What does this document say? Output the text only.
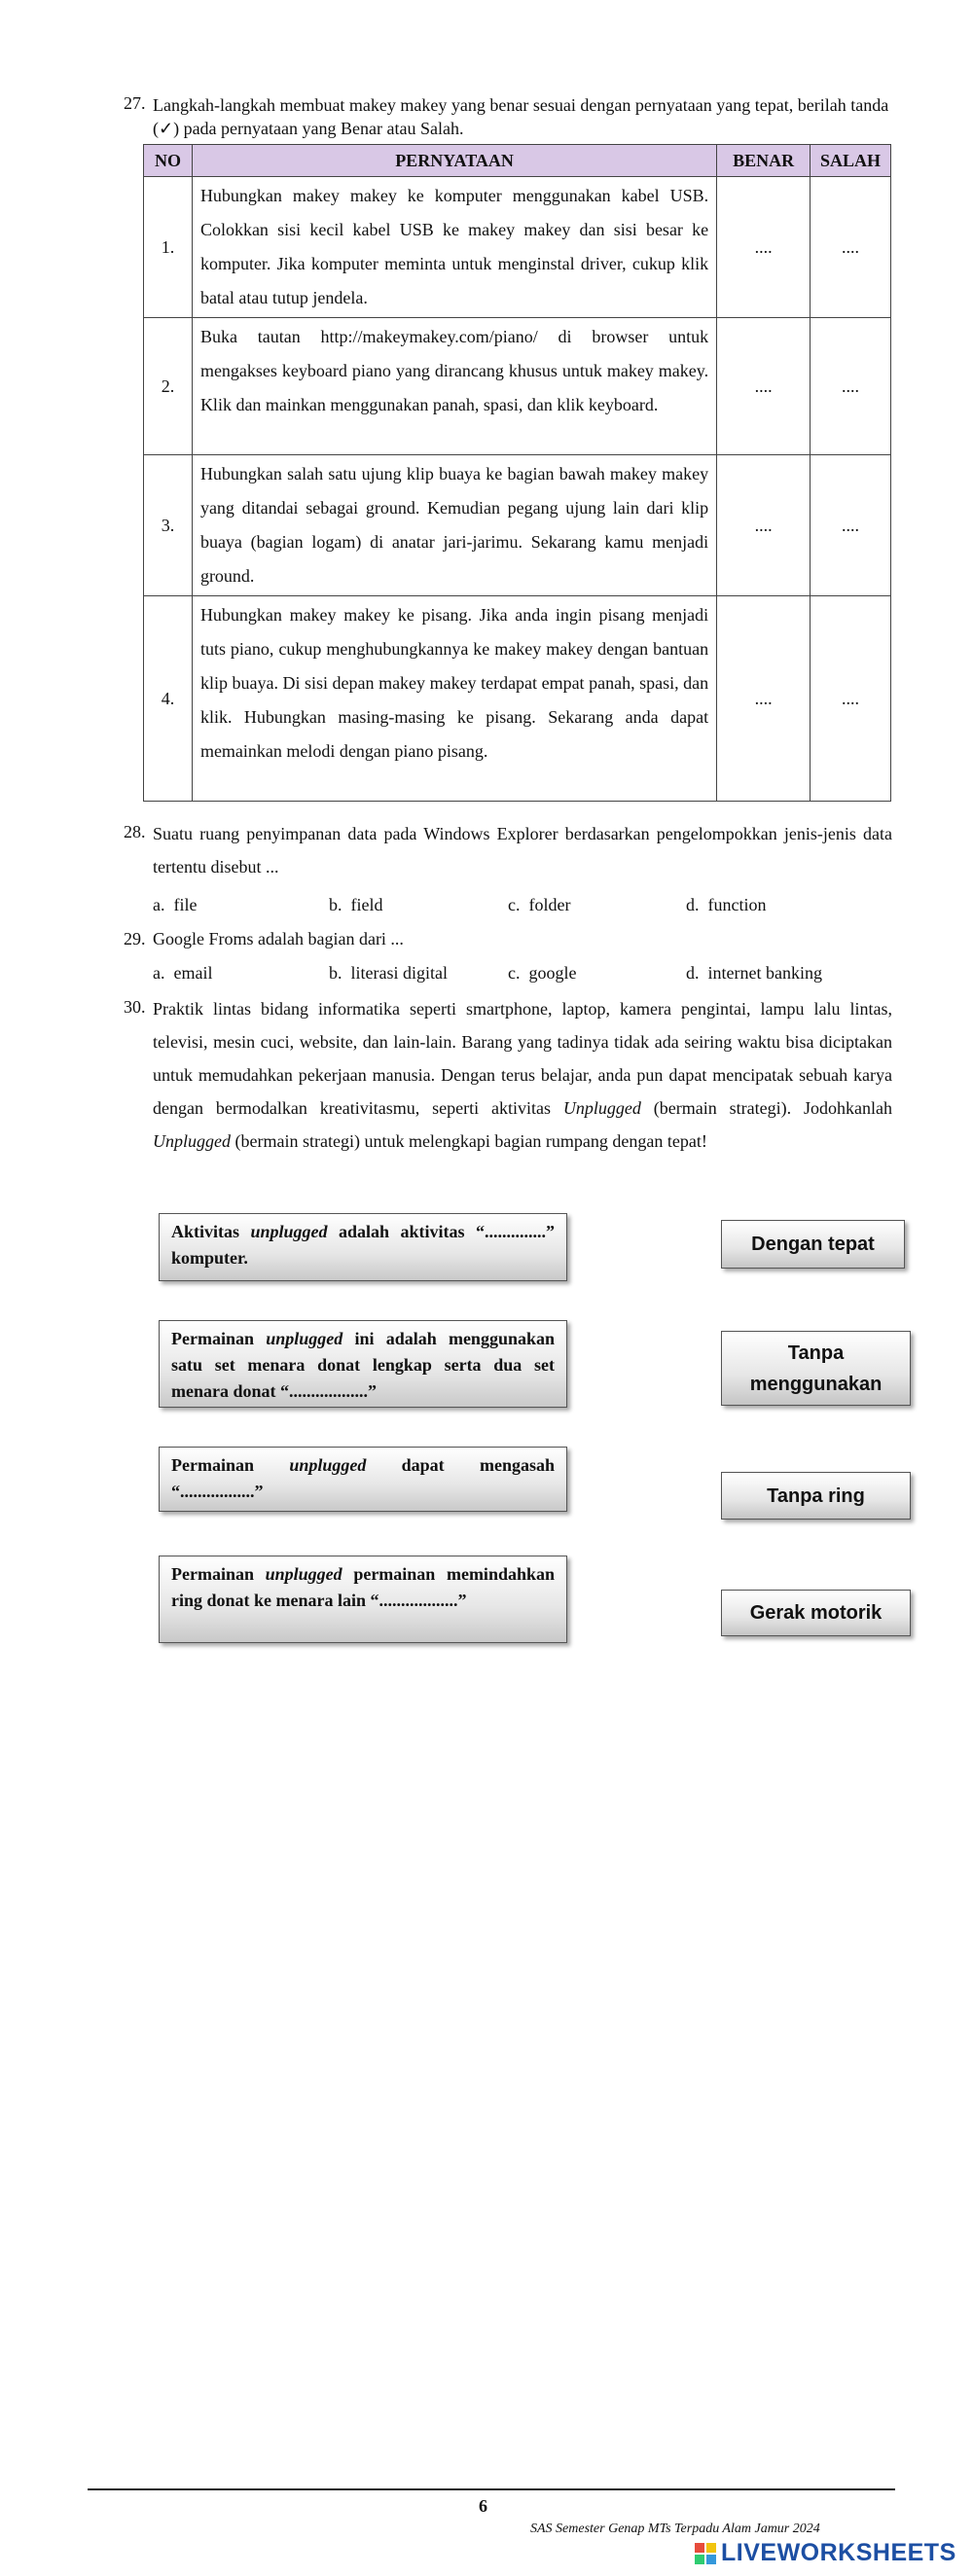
27. Langkah-langkah membuat makey makey yang benar sesuai dengan pernyataan yang tepat, berilah tanda (✓) pada pernyataan yang Benar atau Salah.
NO	PERNYATAAN	BENAR	SALAH
1.	Hubungkan makey makey ke komputer menggunakan kabel USB. Colokkan sisi kecil kabel USB ke makey makey dan sisi besar ke komputer. Jika komputer meminta untuk menginstal driver, cukup klik batal atau tutup jendela.	....	....
2.	Buka tautan http://makeymakey.com/piano/ di browser untuk mengakses keyboard piano yang dirancang khusus untuk makey makey. Klik dan mainkan menggunakan panah, spasi, dan klik keyboard.	....	....
3.	Hubungkan salah satu ujung klip buaya ke bagian bawah makey makey yang ditandai sebagai ground. Kemudian pegang ujung lain dari klip buaya (bagian logam) di anatar jari-jarimu. Sekarang kamu menjadi ground.	....	....
4.	Hubungkan makey makey ke pisang. Jika anda ingin pisang menjadi tuts piano, cukup menghubungkannya ke makey makey dengan bantuan klip buaya. Di sisi depan makey makey terdapat empat panah, spasi, dan klik. Hubungkan masing-masing ke pisang. Sekarang anda dapat memainkan melodi dengan piano pisang.	....	....
28. Suatu ruang penyimpanan data pada Windows Explorer berdasarkan pengelompokkan jenis-jenis data tertentu disebut ...
a. file	b. field	c. folder	d. function
29. Google Froms adalah bagian dari ...
a. email	b. literasi digital	c. google	d. internet banking
30. Praktik lintas bidang informatika seperti smartphone, laptop, kamera pengintai, lampu lalu lintas, televisi, mesin cuci, website, dan lain-lain. Barang yang tadinya tidak ada seiring waktu bisa diciptakan untuk memudahkan pekerjaan manusia. Dengan terus belajar, anda pun dapat mencipatak sebuah karya dengan bermodalkan kreativitasmu, seperti aktivitas Unplugged (bermain strategi). Jodohkanlah Unplugged (bermain strategi) untuk melengkapi bagian rumpang dengan tepat!
Aktivitas unplugged adalah aktivitas “..............” komputer.
Permainan unplugged ini adalah menggunakan satu set menara donat lengkap serta dua set menara donat “..................”
Permainan unplugged dapat mengasah “.................”
Permainan unplugged permainan memindahkan ring donat ke menara lain “..................”
Dengan tepat
Tanpa menggunakan
Tanpa ring
Gerak motorik
6
SAS Semester Genap MTs Terpadu Alam Jamur 2024
LIVEWORKSHEETS
